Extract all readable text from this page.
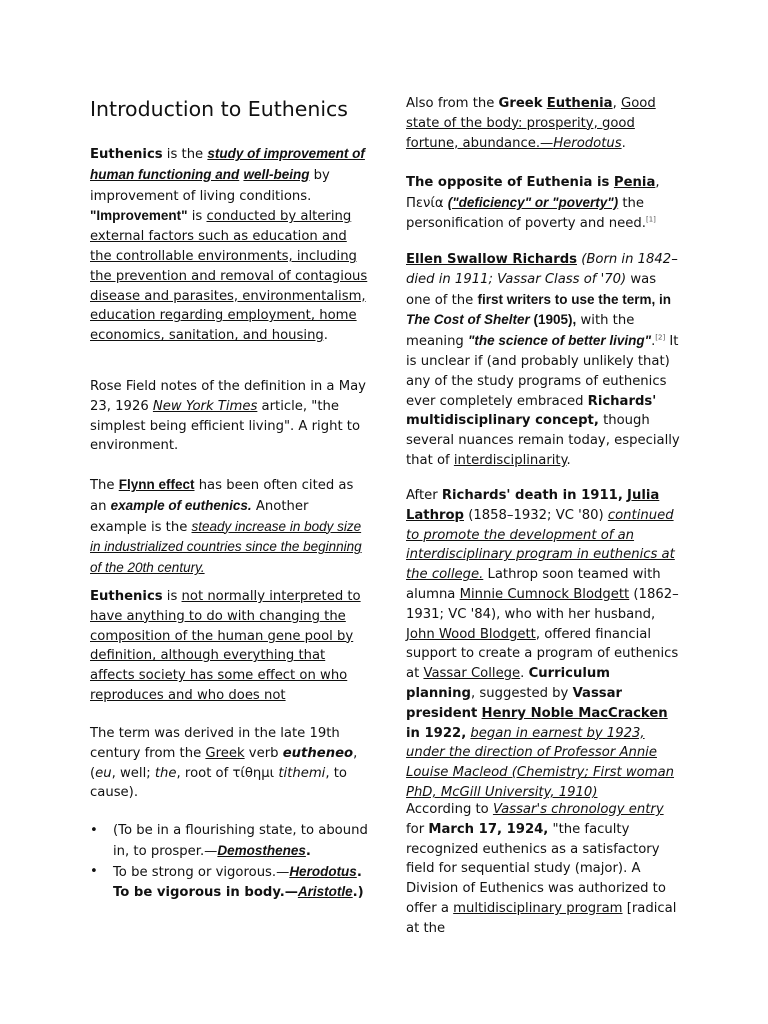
Introduction to Euthenics

Euthenics is the study of improvement of human functioning and well-being by improvement of living conditions. "Improvement" is conducted by altering external factors such as education and the controllable environments, including the prevention and removal of contagious disease and parasites, environmentalism, education regarding employment, home economics, sanitation, and housing.

Rose Field notes of the definition in a May 23, 1926 New York Times article, "the simplest being efficient living". A right to environment.

The Flynn effect has been often cited as an example of euthenics. Another example is the steady increase in body size in industrialized countries since the beginning of the 20th century.

Euthenics is not normally interpreted to have anything to do with changing the composition of the human gene pool by definition, although everything that affects society has some effect on who reproduces and who does not

The term was derived in the late 19th century from the Greek verb eutheneo, (eu, well; the, root of τίθημι tithemi, to cause).

• (To be in a flourishing state, to abound in, to prosper.—Demosthenes.
• To be strong or vigorous.—Herodotus. To be vigorous in body.—Aristotle.)

Also from the Greek Euthenia, Good state of the body: prosperity, good fortune, abundance.—Herodotus.

The opposite of Euthenia is Penia, Πενία ("deficiency" or "poverty") the personification of poverty and need.[1]

Ellen Swallow Richards (Born in 1842–died in 1911; Vassar Class of '70) was one of the first writers to use the term, in The Cost of Shelter (1905), with the meaning "the science of better living".[2] It is unclear if (and probably unlikely that) any of the study programs of euthenics ever completely embraced Richards' multidisciplinary concept, though several nuances remain today, especially that of interdisciplinarity.

After Richards' death in 1911, Julia Lathrop (1858–1932; VC '80) continued to promote the development of an interdisciplinary program in euthenics at the college. Lathrop soon teamed with alumna Minnie Cumnock Blodgett (1862–1931; VC '84), who with her husband, John Wood Blodgett, offered financial support to create a program of euthenics at Vassar College. Curriculum planning, suggested by Vassar president Henry Noble MacCracken in 1922, began in earnest by 1923, under the direction of Professor Annie Louise Macleod (Chemistry; First woman PhD, McGill University, 1910)

According to Vassar's chronology entry for March 17, 1924, "the faculty recognized euthenics as a satisfactory field for sequential study (major). A Division of Euthenics was authorized to offer a multidisciplinary program [radical at the
